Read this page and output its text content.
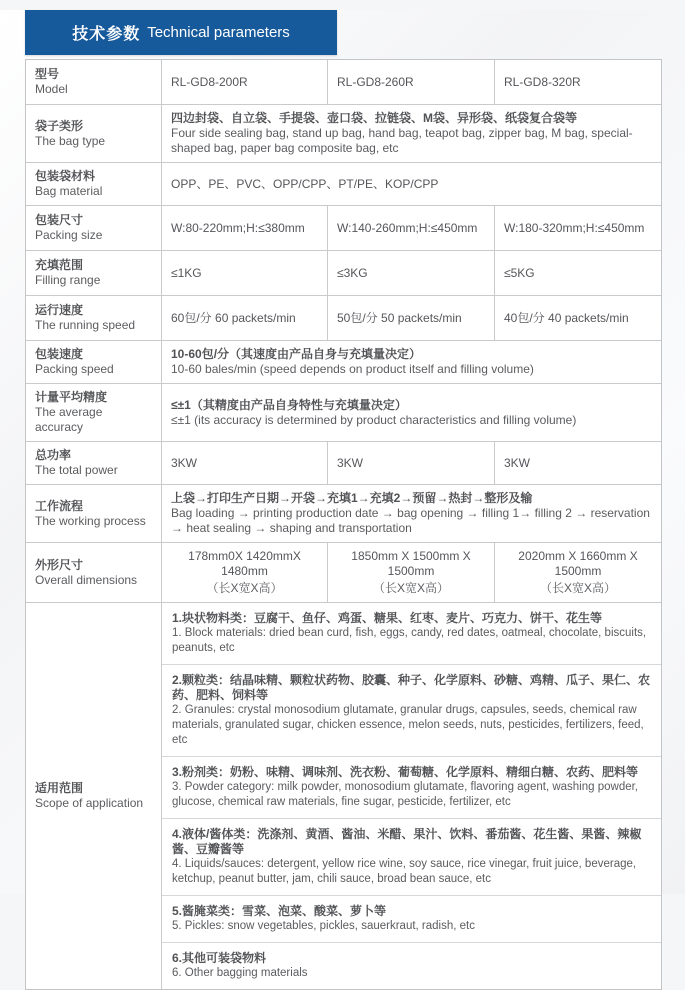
技术参数 Technical parameters
型号
Model
RL-GD8-200R	RL-GD8-260R	RL-GD8-320R
袋子类形
The bag type
四边封袋、自立袋、手提袋、壶口袋、拉链袋、M袋、异形袋、纸袋复合袋等
Four side sealing bag, stand up bag, hand bag, teapot bag, zipper bag, M bag, special-shaped bag, paper bag composite bag, etc
包装袋材料
Bag material
OPP、PE、PVC、OPP/CPP、PT/PE、KOP/CPP
包装尺寸
Packing size
W:80-220mm;H:≤380mm	W:140-260mm;H:≤450mm	W:180-320mm;H:≤450mm
充填范围
Filling range
≤1KG	≤3KG	≤5KG
运行速度
The running speed
60包/分 60 packets/min	50包/分 50 packets/min	40包/分 40 packets/min
包装速度
Packing speed
10-60包/分（其速度由产品自身与充填量决定）
10-60 bales/min (speed depends on product itself and filling volume)
计量平均精度
The average accuracy
≤±1（其精度由产品自身特性与充填量决定）
≤±1 (its accuracy is determined by product characteristics and filling volume)
总功率
The total power
3KW	3KW	3KW
工作流程
The working process
上袋→打印生产日期→开袋→充填1→充填2→预留→热封→整形及输
Bag loading → printing production date → bag opening → filling 1→ filling 2 → reservation → heat sealing → shaping and transportation
外形尺寸
Overall dimensions
178mm0X 1420mmX 1480mm
（长X宽X高）
1850mm X 1500mm X 1500mm
（长X宽X高）
2020mm X 1660mm X 1500mm
（长X宽X高）
适用范围
Scope of application
1.块状物料类：豆腐干、鱼仔、鸡蛋、糖果、红枣、麦片、巧克力、饼干、花生等
1. Block materials: dried bean curd, fish, eggs, candy, red dates, oatmeal, chocolate, biscuits, peanuts, etc
2.颗粒类：结晶味精、颗粒状药物、胶囊、种子、化学原料、砂糖、鸡精、瓜子、果仁、农药、肥料、饲料等
2. Granules: crystal monosodium glutamate, granular drugs, capsules, seeds, chemical raw materials, granulated sugar, chicken essence, melon seeds, nuts, pesticides, fertilizers, feed, etc
3.粉剂类：奶粉、味精、调味剂、洗衣粉、葡萄糖、化学原料、精细白糖、农药、肥料等
3. Powder category: milk powder, monosodium glutamate, flavoring agent, washing powder, glucose, chemical raw materials, fine sugar, pesticide, fertilizer, etc
4.液体/酱体类：洗涤剂、黄酒、酱油、米醋、果汁、饮料、番茄酱、花生酱、果酱、辣椒酱、豆瓣酱等
4. Liquids/sauces: detergent, yellow rice wine, soy sauce, rice vinegar, fruit juice, beverage, ketchup, peanut butter, jam, chili sauce, broad bean sauce, etc
5.酱腌菜类：雪菜、泡菜、酸菜、萝卜等
5. Pickles: snow vegetables, pickles, sauerkraut, radish, etc
6.其他可装袋物料
6. Other bagging materials
